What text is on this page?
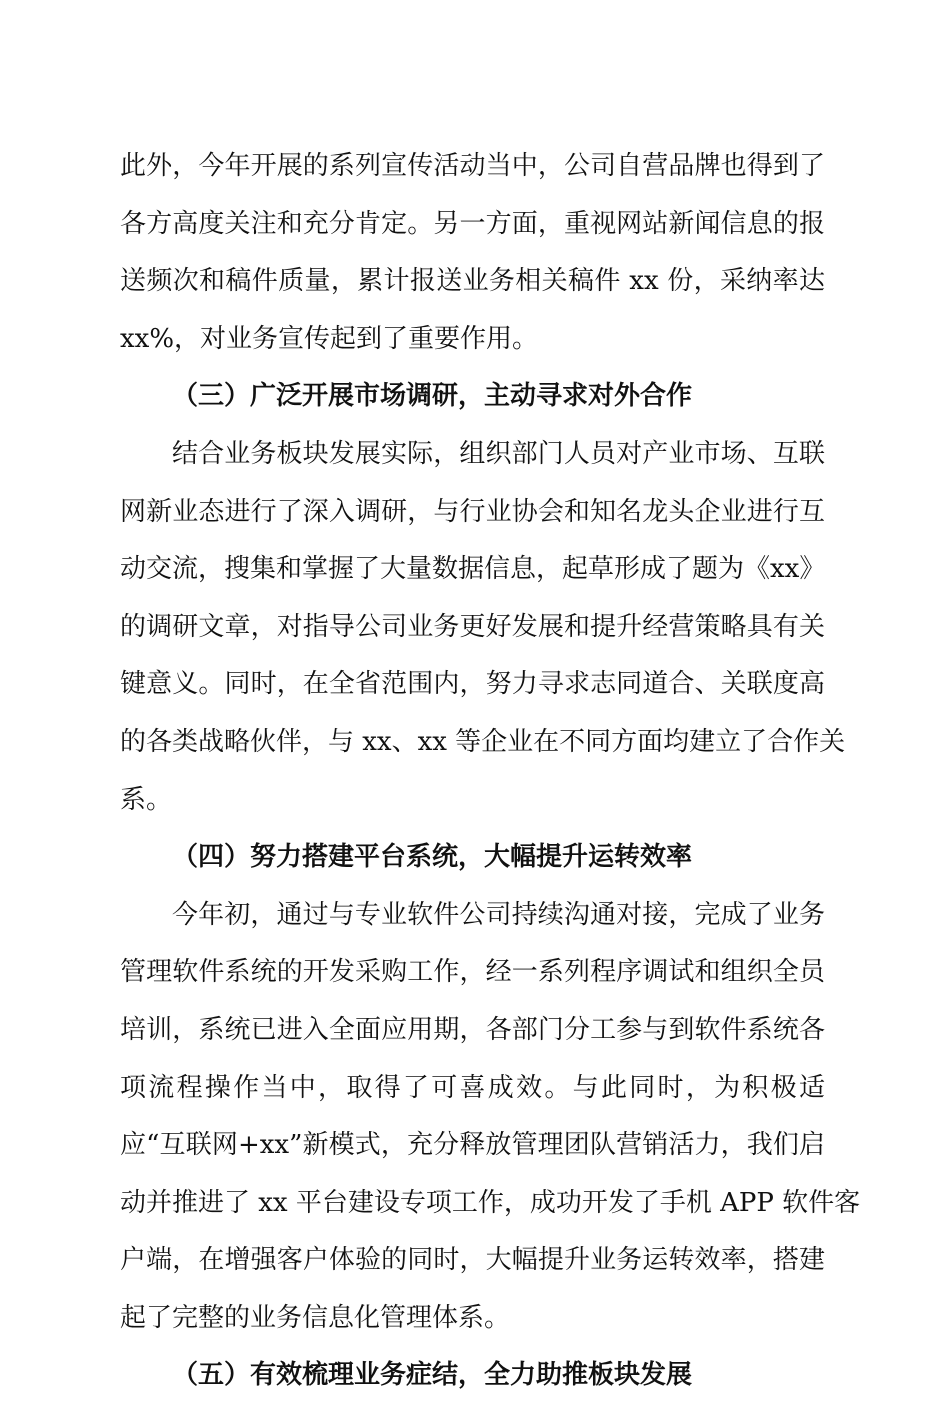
此外，今年开展的系列宣传活动当中，公司自营品牌也得到了
各方高度关注和充分肯定。另一方面，重视网站新闻信息的报
送频次和稿件质量，累计报送业务相关稿件 xx 份，采纳率达
xx%，对业务宣传起到了重要作用。
（三）广泛开展市场调研，主动寻求对外合作
结合业务板块发展实际，组织部门人员对产业市场、互联
网新业态进行了深入调研，与行业协会和知名龙头企业进行互
动交流，搜集和掌握了大量数据信息，起草形成了题为《xx》
的调研文章，对指导公司业务更好发展和提升经营策略具有关
键意义。同时，在全省范围内，努力寻求志同道合、关联度高
的各类战略伙伴，与 xx、xx 等企业在不同方面均建立了合作关
系。
（四）努力搭建平台系统，大幅提升运转效率
今年初，通过与专业软件公司持续沟通对接，完成了业务
管理软件系统的开发采购工作，经一系列程序调试和组织全员
培训，系统已进入全面应用期，各部门分工参与到软件系统各
项流程操作当中，取得了可喜成效。与此同时，为积极适
应“互联网+xx”新模式，充分释放管理团队营销活力，我们启
动并推进了 xx 平台建设专项工作，成功开发了手机 APP 软件客
户端，在增强客户体验的同时，大幅提升业务运转效率，搭建
起了完整的业务信息化管理体系。
（五）有效梳理业务症结，全力助推板块发展
